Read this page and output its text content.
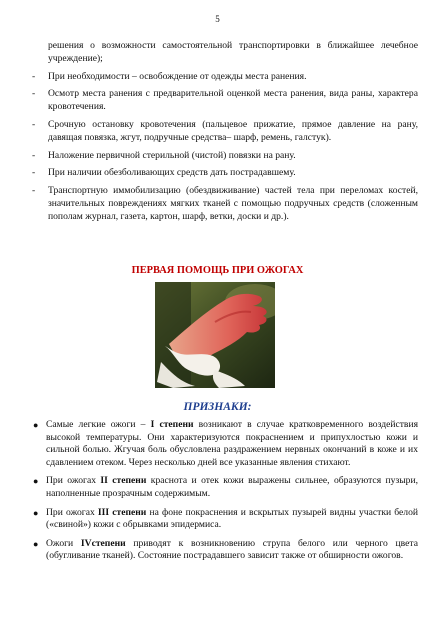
5
решения о возможности самостоятельной транспортировки в ближайшее лечебное учреждение);
- При необходимости – освобождение от одежды места ранения.
- Осмотр места ранения с предварительной оценкой места ранения, вида раны, характера кровотечения.
- Срочную остановку кровотечения (пальцевое прижатие, прямое давление на рану, давящая повязка, жгут, подручные средства– шарф, ремень, галстук).
- Наложение первичной стерильной (чистой) повязки на рану.
- При наличии обезболивающих средств дать пострадавшему.
- Транспортную иммобилизацию (обездвиживание) частей тела при переломах костей, значительных повреждениях мягких тканей с помощью подручных средств (сложенным пополам журнал, газета, картон, шарф, ветки, доски и др.).
ПЕРВАЯ ПОМОЩЬ ПРИ ОЖОГАХ
ПРИЗНАКИ:
● Самые легкие ожоги – I степени возникают в случае кратковременного воздействия высокой температуры. Они характеризуются покраснением и припухлостью кожи и сильной болью. Жгучая боль обусловлена раздражением нервных окончаний в коже и их сдавлением отеком. Через несколько дней все указанные явления стихают.
● При ожогах II степени краснота и отек кожи выражены сильнее, образуются пузыри, наполненные прозрачным содержимым.
● При ожогах III степени на фоне покраснения и вскрытых пузырей видны участки белой («свиной») кожи с обрывками эпидермиса.
● Ожоги IVстепени приводят к возникновению струпа белого или черного цвета (обугливание тканей). Состояние пострадавшего зависит также от обширности ожогов.
